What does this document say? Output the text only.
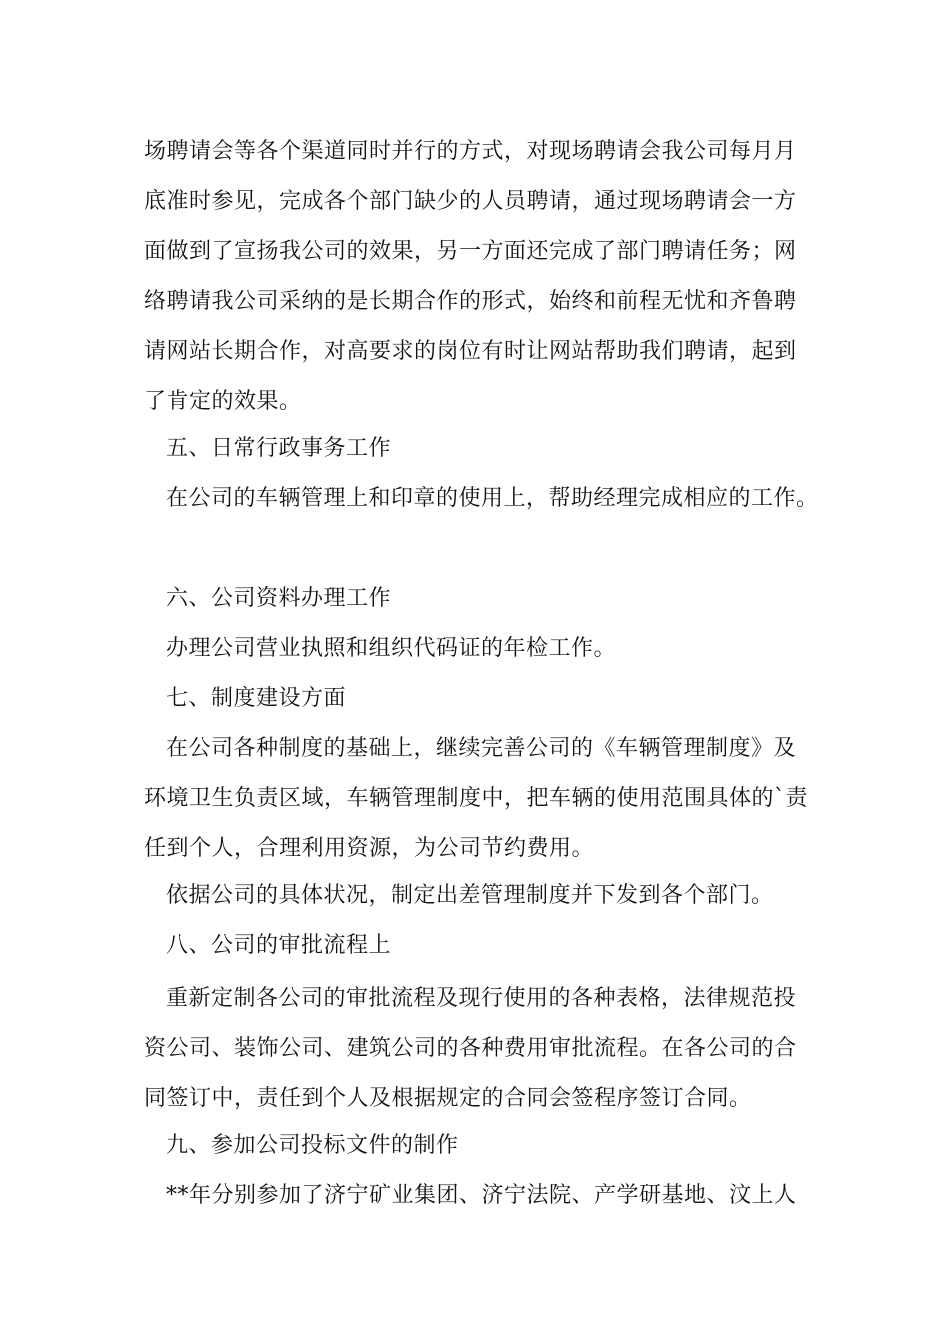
场聘请会等各个渠道同时并行的方式，对现场聘请会我公司每月月
底准时参见，完成各个部门缺少的人员聘请，通过现场聘请会一方
面做到了宣扬我公司的效果，另一方面还完成了部门聘请任务；网
络聘请我公司采纳的是长期合作的形式，始终和前程无忧和齐鲁聘
请网站长期合作，对高要求的岗位有时让网站帮助我们聘请，起到
了肯定的效果。
五、日常行政事务工作
在公司的车辆管理上和印章的使用上，帮助经理完成相应的工作。
六、公司资料办理工作
办理公司营业执照和组织代码证的年检工作。
七、制度建设方面
在公司各种制度的基础上，继续完善公司的《车辆管理制度》及
环境卫生负责区域，车辆管理制度中，把车辆的使用范围具体的`责
任到个人，合理利用资源，为公司节约费用。
依据公司的具体状况，制定出差管理制度并下发到各个部门。
八、公司的审批流程上
重新定制各公司的审批流程及现行使用的各种表格，法律规范投
资公司、装饰公司、建筑公司的各种费用审批流程。在各公司的合
同签订中，责任到个人及根据规定的合同会签程序签订合同。
九、参加公司投标文件的制作
**年分别参加了济宁矿业集团、济宁法院、产学研基地、汶上人
